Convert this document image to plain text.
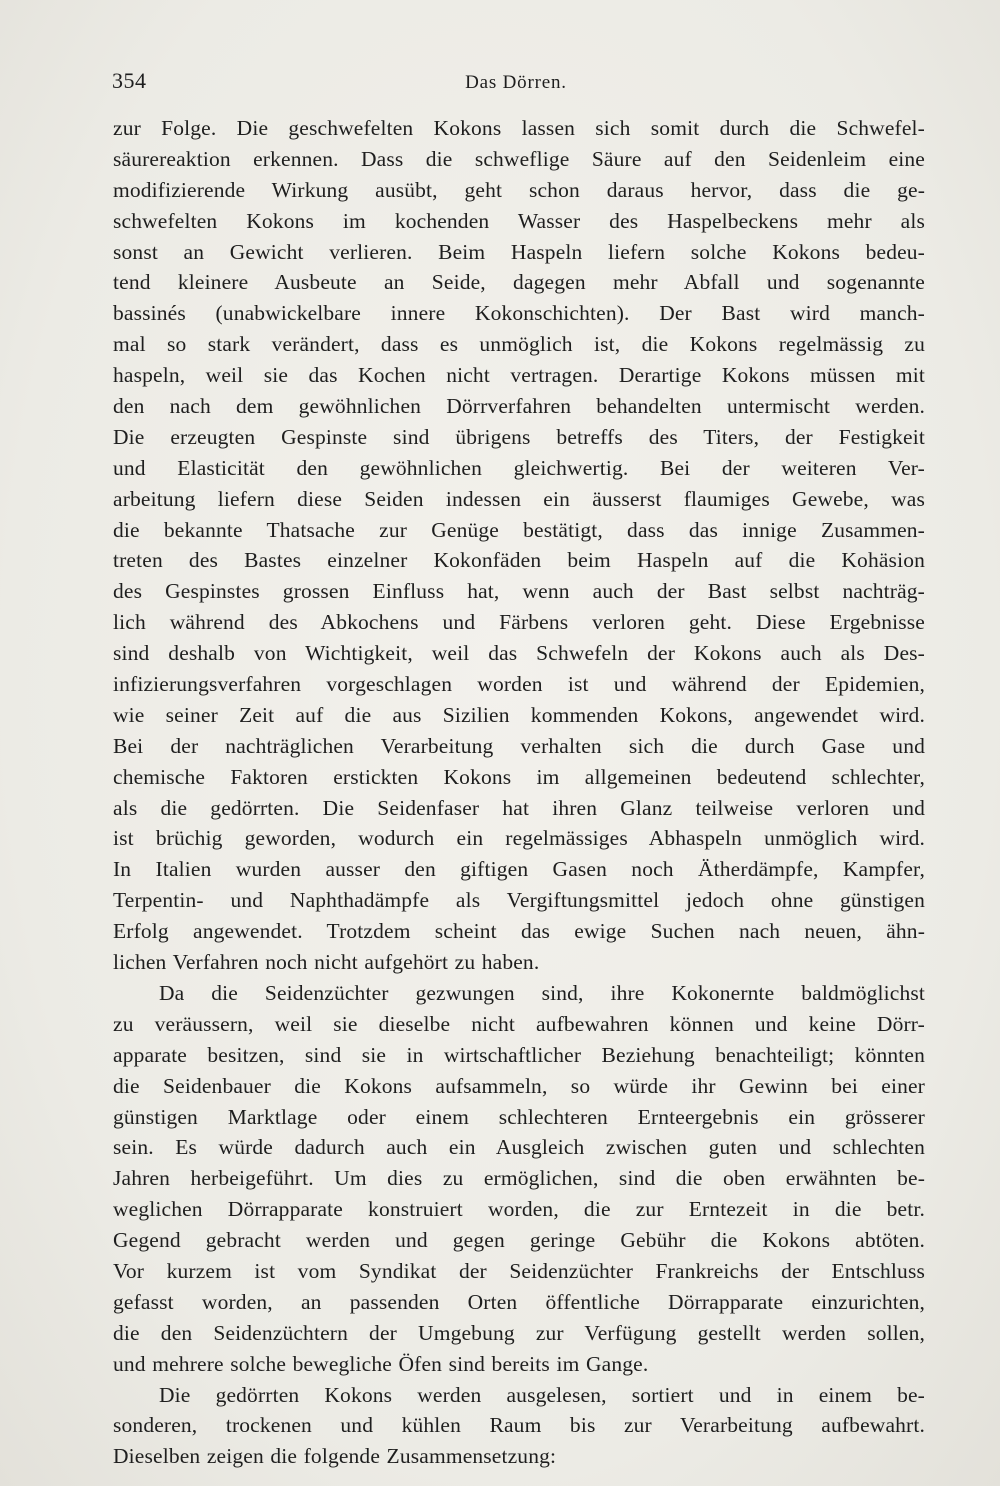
354	Das Dörren.
zur Folge. Die geschwefelten Kokons lassen sich somit durch die Schwefel-
säurereaktion erkennen. Dass die schweflige Säure auf den Seidenleim eine
modifizierende Wirkung ausübt, geht schon daraus hervor, dass die ge-
schwefelten Kokons im kochenden Wasser des Haspelbeckens mehr als
sonst an Gewicht verlieren. Beim Haspeln liefern solche Kokons bedeu-
tend kleinere Ausbeute an Seide, dagegen mehr Abfall und sogenannte
bassinés (unabwickelbare innere Kokonschichten). Der Bast wird manch-
mal so stark verändert, dass es unmöglich ist, die Kokons regelmässig zu
haspeln, weil sie das Kochen nicht vertragen. Derartige Kokons müssen mit
den nach dem gewöhnlichen Dörrverfahren behandelten untermischt werden.
Die erzeugten Gespinste sind übrigens betreffs des Titers, der Festigkeit
und Elasticität den gewöhnlichen gleichwertig. Bei der weiteren Ver-
arbeitung liefern diese Seiden indessen ein äusserst flaumiges Gewebe, was
die bekannte Thatsache zur Genüge bestätigt, dass das innige Zusammen-
treten des Bastes einzelner Kokonfäden beim Haspeln auf die Kohäsion
des Gespinstes grossen Einfluss hat, wenn auch der Bast selbst nachträg-
lich während des Abkochens und Färbens verloren geht. Diese Ergebnisse
sind deshalb von Wichtigkeit, weil das Schwefeln der Kokons auch als Des-
infizierungsverfahren vorgeschlagen worden ist und während der Epidemien,
wie seiner Zeit auf die aus Sizilien kommenden Kokons, angewendet wird.
Bei der nachträglichen Verarbeitung verhalten sich die durch Gase und
chemische Faktoren erstickten Kokons im allgemeinen bedeutend schlechter,
als die gedörrten. Die Seidenfaser hat ihren Glanz teilweise verloren und
ist brüchig geworden, wodurch ein regelmässiges Abhaspeln unmöglich wird.
In Italien wurden ausser den giftigen Gasen noch Ätherdämpfe, Kampfer,
Terpentin- und Naphthadämpfe als Vergiftungsmittel jedoch ohne günstigen
Erfolg angewendet. Trotzdem scheint das ewige Suchen nach neuen, ähn-
lichen Verfahren noch nicht aufgehört zu haben.
Da die Seidenzüchter gezwungen sind, ihre Kokonernte baldmöglichst
zu veräussern, weil sie dieselbe nicht aufbewahren können und keine Dörr-
apparate besitzen, sind sie in wirtschaftlicher Beziehung benachteiligt; könnten
die Seidenbauer die Kokons aufsammeln, so würde ihr Gewinn bei einer
günstigen Marktlage oder einem schlechteren Ernteergebnis ein grösserer
sein. Es würde dadurch auch ein Ausgleich zwischen guten und schlechten
Jahren herbeigeführt. Um dies zu ermöglichen, sind die oben erwähnten be-
weglichen Dörrapparate konstruiert worden, die zur Erntezeit in die betr.
Gegend gebracht werden und gegen geringe Gebühr die Kokons abtöten.
Vor kurzem ist vom Syndikat der Seidenzüchter Frankreichs der Entschluss
gefasst worden, an passenden Orten öffentliche Dörrapparate einzurichten,
die den Seidenzüchtern der Umgebung zur Verfügung gestellt werden sollen,
und mehrere solche bewegliche Öfen sind bereits im Gange.
Die gedörrten Kokons werden ausgelesen, sortiert und in einem be-
sonderen, trockenen und kühlen Raum bis zur Verarbeitung aufbewahrt.
Dieselben zeigen die folgende Zusammensetzung:
